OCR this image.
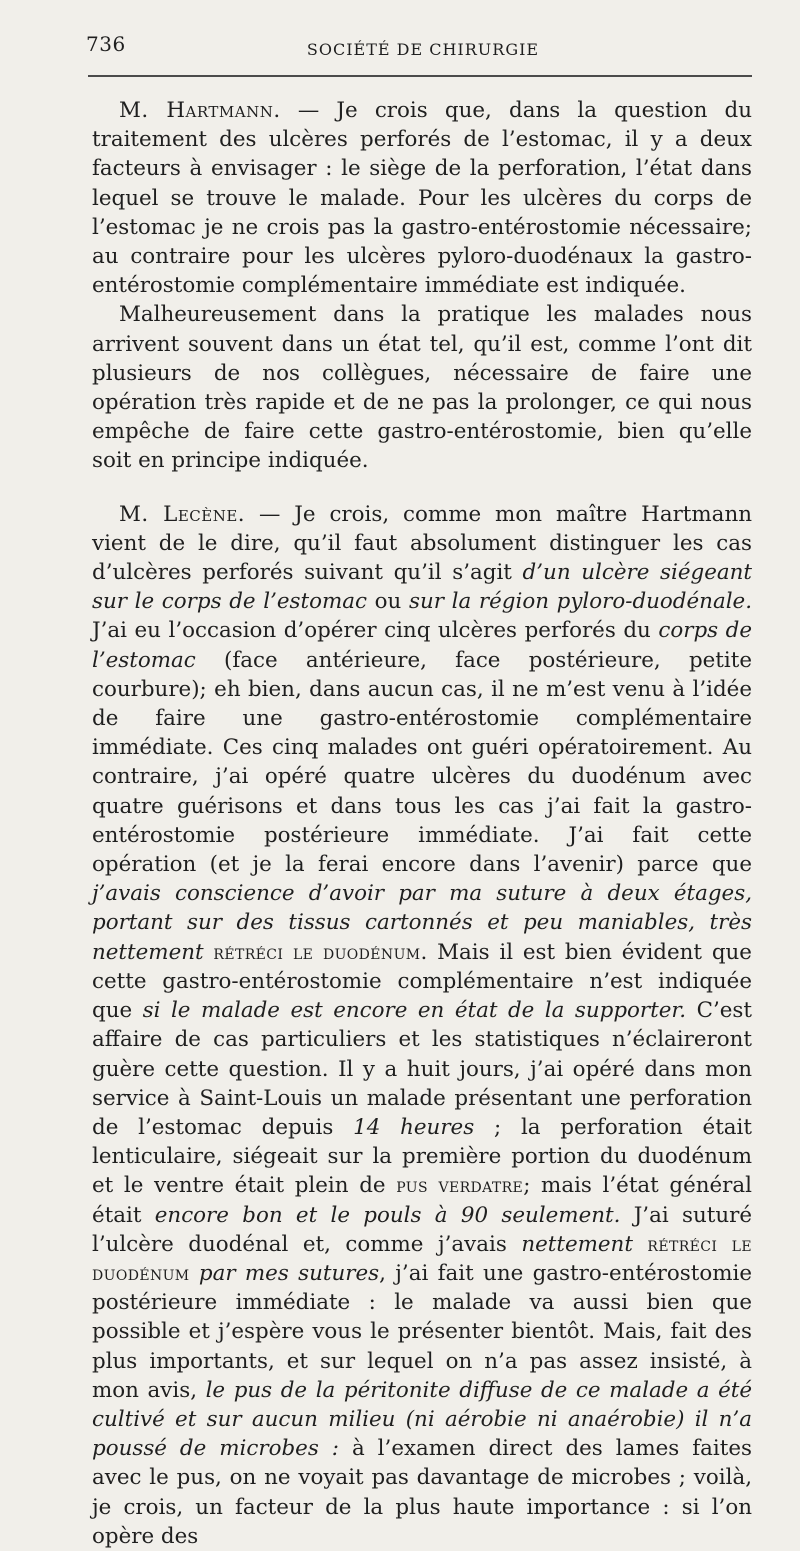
736	SOCIÉTÉ DE CHIRURGIE

M. Hartmann. — Je crois que, dans la question du traitement des ulcères perforés de l’estomac, il y a deux facteurs à envisager : le siège de la perforation, l’état dans lequel se trouve le malade. Pour les ulcères du corps de l’estomac je ne crois pas la gastro-entérostomie nécessaire; au contraire pour les ulcères pyloro-duodénaux la gastro-entérostomie complémentaire immédiate est indiquée.

Malheureusement dans la pratique les malades nous arrivent souvent dans un état tel, qu’il est, comme l’ont dit plusieurs de nos collègues, nécessaire de faire une opération très rapide et de ne pas la prolonger, ce qui nous empêche de faire cette gastro-entérostomie, bien qu’elle soit en principe indiquée.

M. Lecène. — Je crois, comme mon maître Hartmann vient de le dire, qu’il faut absolument distinguer les cas d’ulcères perforés suivant qu’il s’agit d’un ulcère siégeant sur le corps de l’estomac ou sur la région pyloro-duodénale. J’ai eu l’occasion d’opérer cinq ulcères perforés du corps de l’estomac (face antérieure, face postérieure, petite courbure); eh bien, dans aucun cas, il ne m’est venu à l’idée de faire une gastro-entérostomie complémentaire immédiate. Ces cinq malades ont guéri opératoirement. Au contraire, j’ai opéré quatre ulcères du duodénum avec quatre guérisons et dans tous les cas j’ai fait la gastro-entérostomie postérieure immédiate. J’ai fait cette opération (et je la ferai encore dans l’avenir) parce que j’avais conscience d’avoir par ma suture à deux étages, portant sur des tissus cartonnés et peu maniables, très nettement rétréci le duodénum. Mais il est bien évident que cette gastro-entérostomie complémentaire n’est indiquée que si le malade est encore en état de la supporter. C’est affaire de cas particuliers et les statistiques n’éclaireront guère cette question. Il y a huit jours, j’ai opéré dans mon service à Saint-Louis un malade présentant une perforation de l’estomac depuis 14 heures ; la perforation était lenticulaire, siégeait sur la première portion du duodénum et le ventre était plein de pus verdatre; mais l’état général était encore bon et le pouls à 90 seulement. J’ai suturé l’ulcère duodénal et, comme j’avais nettement rétréci le duodénum par mes sutures, j’ai fait une gastro-entérostomie postérieure immédiate : le malade va aussi bien que possible et j’espère vous le présenter bientôt. Mais, fait des plus importants, et sur lequel on n’a pas assez insisté, à mon avis, le pus de la péritonite diffuse de ce malade a été cultivé et sur aucun milieu (ni aérobie ni anaérobie) il n’a poussé de microbes : à l’examen direct des lames faites avec le pus, on ne voyait pas davantage de microbes ; voilà, je crois, un facteur de la plus haute importance : si l’on opère des
